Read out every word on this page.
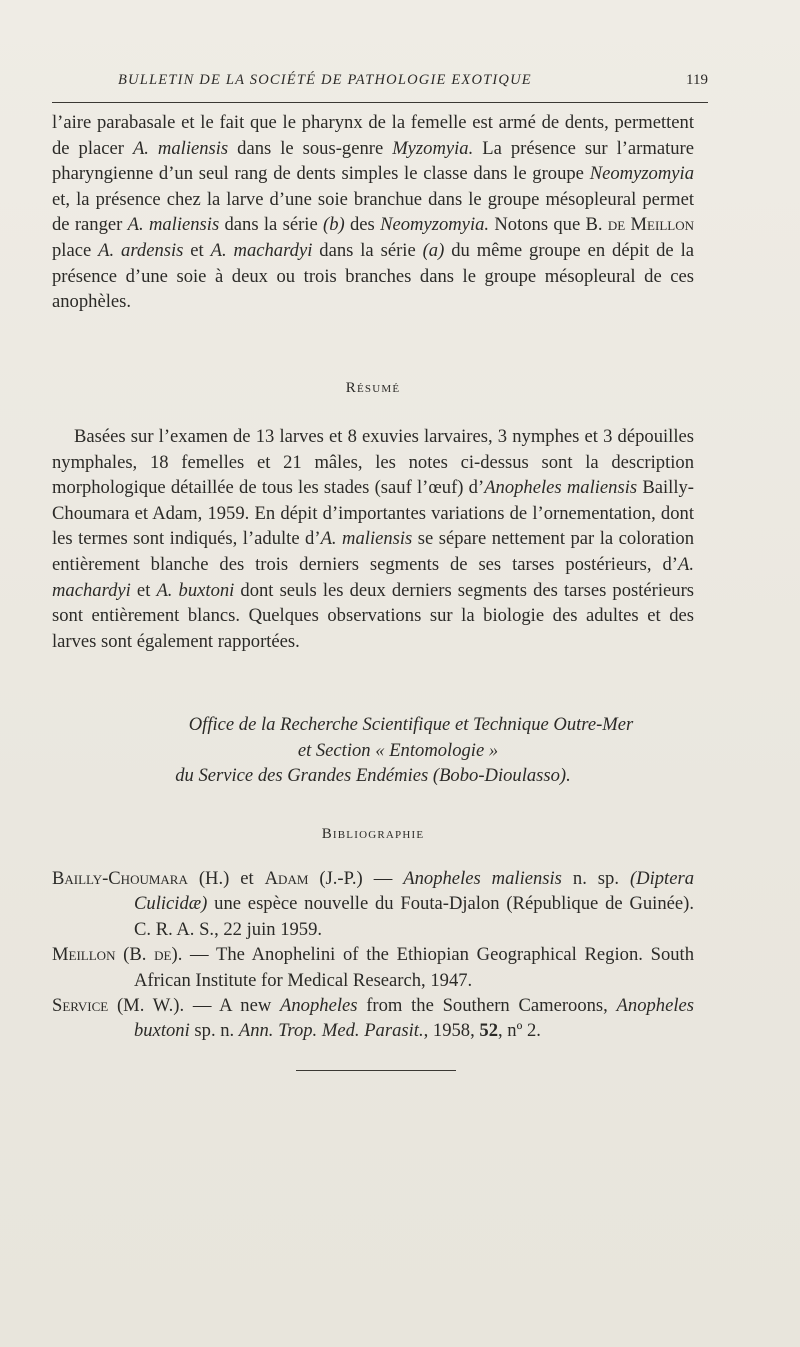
BULLETIN DE LA SOCIÉTÉ DE PATHOLOGIE EXOTIQUE	119

l’aire parabasale et le fait que le pharynx de la femelle est armé de dents, permettent de placer A. maliensis dans le sous-genre Myzomyia. La présence sur l’armature pharyngienne d’un seul rang de dents simples le classe dans le groupe Neomyzomyia et, la présence chez la larve d’une soie branchue dans le groupe mésopleural permet de ranger A. maliensis dans la série (b) des Neomyzomyia. Notons que B. de Meillon place A. ardensis et A. machardyi dans la série (a) du même groupe en dépit de la présence d’une soie à deux ou trois branches dans le groupe mésopleural de ces anophèles.

Résumé

Basées sur l’examen de 13 larves et 8 exuvies larvaires, 3 nymphes et 3 dépouilles nymphales, 18 femelles et 21 mâles, les notes ci-dessus sont la description morphologique détaillée de tous les stades (sauf l’œuf) d’Anopheles maliensis Bailly-Choumara et Adam, 1959. En dépit d’importantes variations de l’ornementation, dont les termes sont indiqués, l’adulte d’A. maliensis se sépare nettement par la coloration entièrement blanche des trois derniers segments de ses tarses postérieurs, d’A. machardyi et A. buxtoni dont seuls les deux derniers segments des tarses postérieurs sont entièrement blancs. Quelques observations sur la biologie des adultes et des larves sont également rapportées.

Office de la Recherche Scientifique et Technique Outre-Mer
et Section « Entomologie »
du Service des Grandes Endémies (Bobo-Dioulasso).

Bibliographie

Bailly-Choumara (H.) et Adam (J.-P.) — Anopheles maliensis n. sp. (Diptera Culicidæ) une espèce nouvelle du Fouta-Djalon (République de Guinée). C. R. A. S., 22 juin 1959.

Meillon (B. de). — The Anophelini of the Ethiopian Geographical Region. South African Institute for Medical Research, 1947.

Service (M. W.). — A new Anopheles from the Southern Cameroons, Anopheles buxtoni sp. n. Ann. Trop. Med. Parasit., 1958, 52, nº 2.
